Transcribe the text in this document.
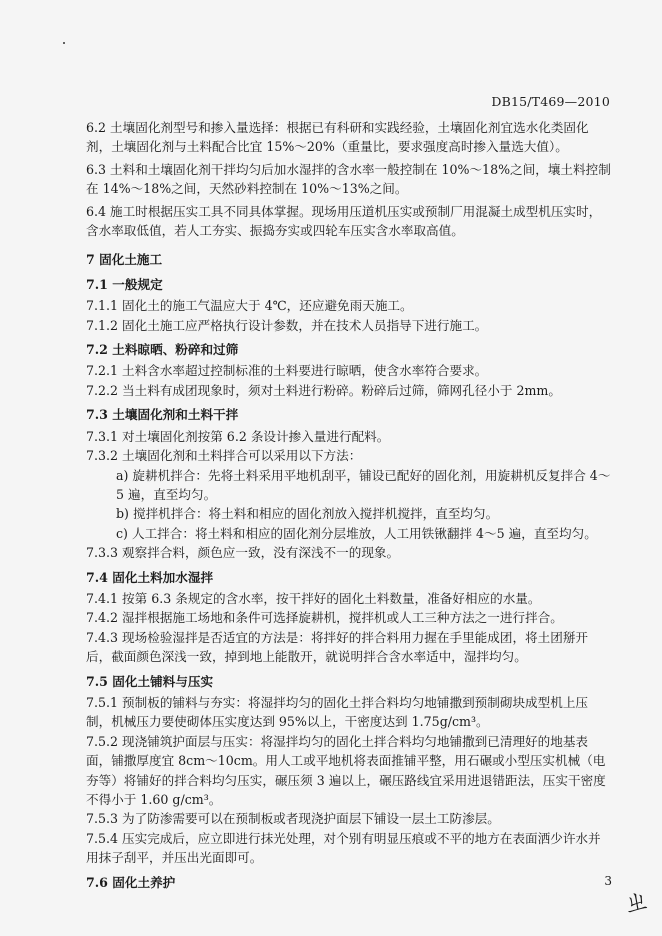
DB15/T469—2010

6.2 土壤固化剂型号和掺入量选择：根据已有科研和实践经验，土壤固化剂宜选水化类固化剂，土壤固化剂与土料配合比宜 15%～20%（重量比，要求强度高时掺入量选大值）。

6.3 土料和土壤固化剂干拌均匀后加水湿拌的含水率一般控制在 10%～18%之间，壤土料控制在 14%～18%之间，天然砂料控制在 10%～13%之间。

6.4 施工时根据压实工具不同具体掌握。现场用压道机压实或预制厂用混凝土成型机压实时，含水率取低值，若人工夯实、振捣夯实或四轮车压实含水率取高值。

7 固化土施工
7.1 一般规定

7.1.1 固化土的施工气温应大于 4℃，还应避免雨天施工。

7.1.2 固化土施工应严格执行设计参数，并在技术人员指导下进行施工。

7.2 土料晾晒、粉碎和过筛

7.2.1 土料含水率超过控制标准的土料要进行晾晒，使含水率符合要求。

7.2.2 当土料有成团现象时，须对土料进行粉碎。粉碎后过筛，筛网孔径小于 2mm。

7.3 土壤固化剂和土料干拌

7.3.1 对土壤固化剂按第 6.2 条设计掺入量进行配料。

7.3.2 土壤固化剂和土料拌合可以采用以下方法：

a) 旋耕机拌合：先将土料采用平地机刮平，铺设已配好的固化剂，用旋耕机反复拌合 4～5 遍，直至均匀。

b) 搅拌机拌合：将土料和相应的固化剂放入搅拌机搅拌，直至均匀。

c) 人工拌合：将土料和相应的固化剂分层堆放，人工用铁锹翻拌 4～5 遍，直至均匀。

7.3.3 观察拌合料，颜色应一致，没有深浅不一的现象。

7.4 固化土料加水湿拌

7.4.1 按第 6.3 条规定的含水率，按干拌好的固化土料数量，准备好相应的水量。

7.4.2 湿拌根据施工场地和条件可选择旋耕机，搅拌机或人工三种方法之一进行拌合。

7.4.3 现场检验湿拌是否适宜的方法是：将拌好的拌合料用力握在手里能成团，将土团掰开后，截面颜色深浅一致，掉到地上能散开，就说明拌合含水率适中，湿拌均匀。

7.5 固化土铺料与压实

7.5.1 预制板的铺料与夯实：将湿拌均匀的固化土拌合料均匀地铺撒到预制砌块成型机上压制，机械压力要使砌体压实度达到 95%以上，干密度达到 1.75g/cm³。

7.5.2 现浇铺筑护面层与压实：将湿拌均匀的固化土拌合料均匀地铺撒到已清理好的地基表面，铺撒厚度宜 8cm～10cm。用人工或平地机将表面推铺平整，用石碾或小型压实机械（电夯等）将铺好的拌合料均匀压实，碾压须 3 遍以上，碾压路线宜采用进退错距法，压实干密度不得小于 1.60 g/cm³。

7.5.3 为了防渗需要可以在预制板或者现浇护面层下铺设一层土工防渗层。

7.5.4 压实完成后，应立即进行抹光处理，对个别有明显压痕或不平的地方在表面洒少许水并用抹子刮平，并压出光面即可。

7.6 固化土养护	3
ㄓ
